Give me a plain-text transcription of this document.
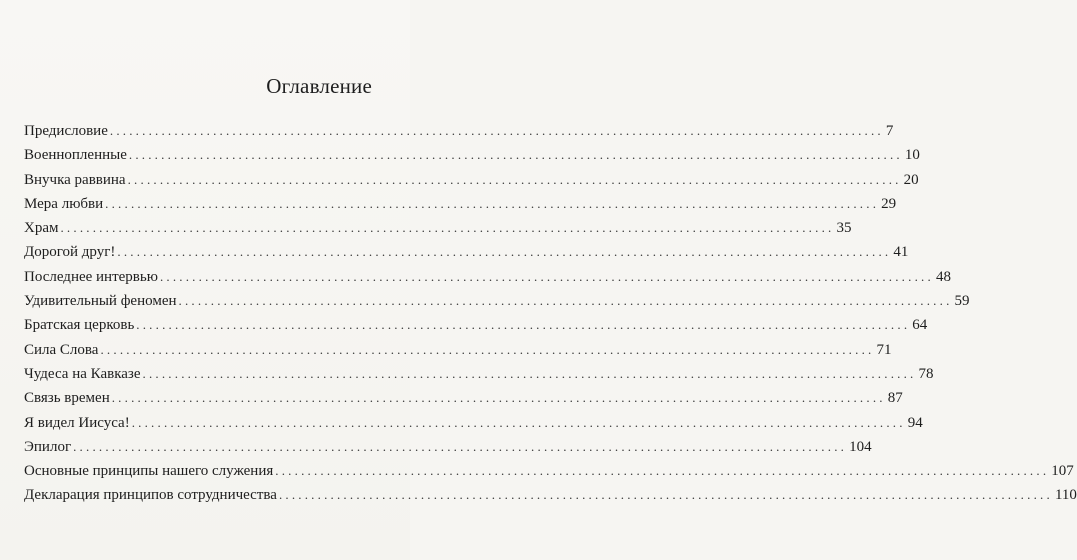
Оглавление
Предисловие ........................................................................................................................ 7
Военнопленные ........................................................................................................................ 10
Внучка раввина ........................................................................................................................ 20
Мера любви ........................................................................................................................ 29
Храм ........................................................................................................................ 35
Дорогой друг! ........................................................................................................................ 41
Последнее интервью ........................................................................................................................ 48
Удивительный феномен ........................................................................................................................ 59
Братская церковь ........................................................................................................................ 64
Сила Слова ........................................................................................................................ 71
Чудеса на Кавказе ........................................................................................................................ 78
Связь времен ........................................................................................................................ 87
Я видел Иисуса! ........................................................................................................................ 94
Эпилог ........................................................................................................................ 104
Основные принципы нашего служения ........................................................................................................................ 107
Декларация принципов сотрудничества ........................................................................................................................ 110
